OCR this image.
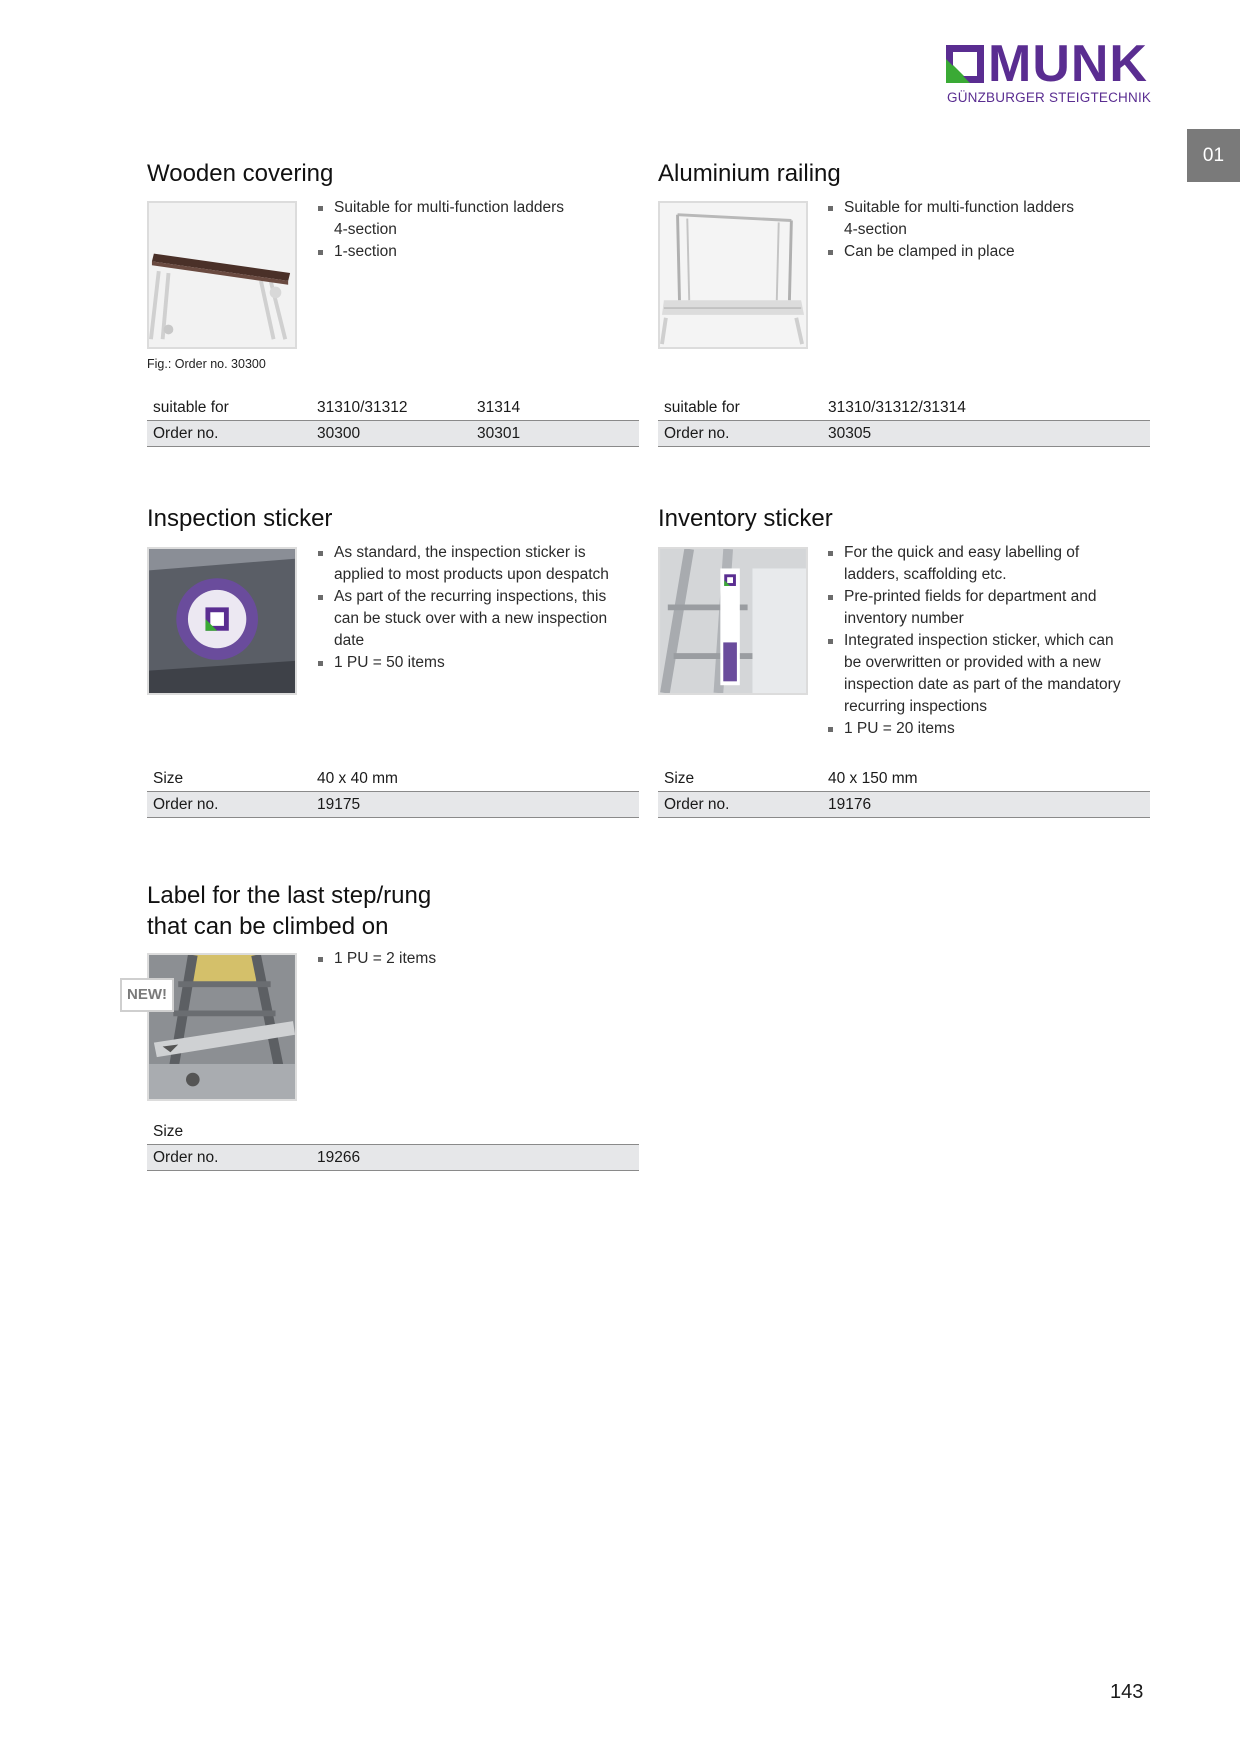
MUNK
GÜNZBURGER STEIGTECHNIK
01
Wooden covering
Suitable for multi-function ladders
4-section
1-section
Fig.: Order no. 30300
suitable for	31310/31312	31314
Order no.	30300	30301
Aluminium railing
Suitable for multi-function ladders
4-section
Can be clamped in place
suitable for	31310/31312/31314
Order no.	30305
Inspection sticker
As standard, the inspection sticker is
applied to most products upon despatch
As part of the recurring inspections, this
can be stuck over with a new inspection
date
1 PU = 50 items
Size	40 x 40 mm
Order no.	19175
Inventory sticker
For the quick and easy labelling of
ladders, scaffolding etc.
Pre-printed fields for department and
inventory number
Integrated inspection sticker, which can
be overwritten or provided with a new
inspection date as part of the mandatory
recurring inspections
1 PU = 20 items
Size	40 x 150 mm
Order no.	19176
Label for the last step/rung
that can be climbed on
NEW!
1 PU = 2 items
Size	
Order no.	19266
143
